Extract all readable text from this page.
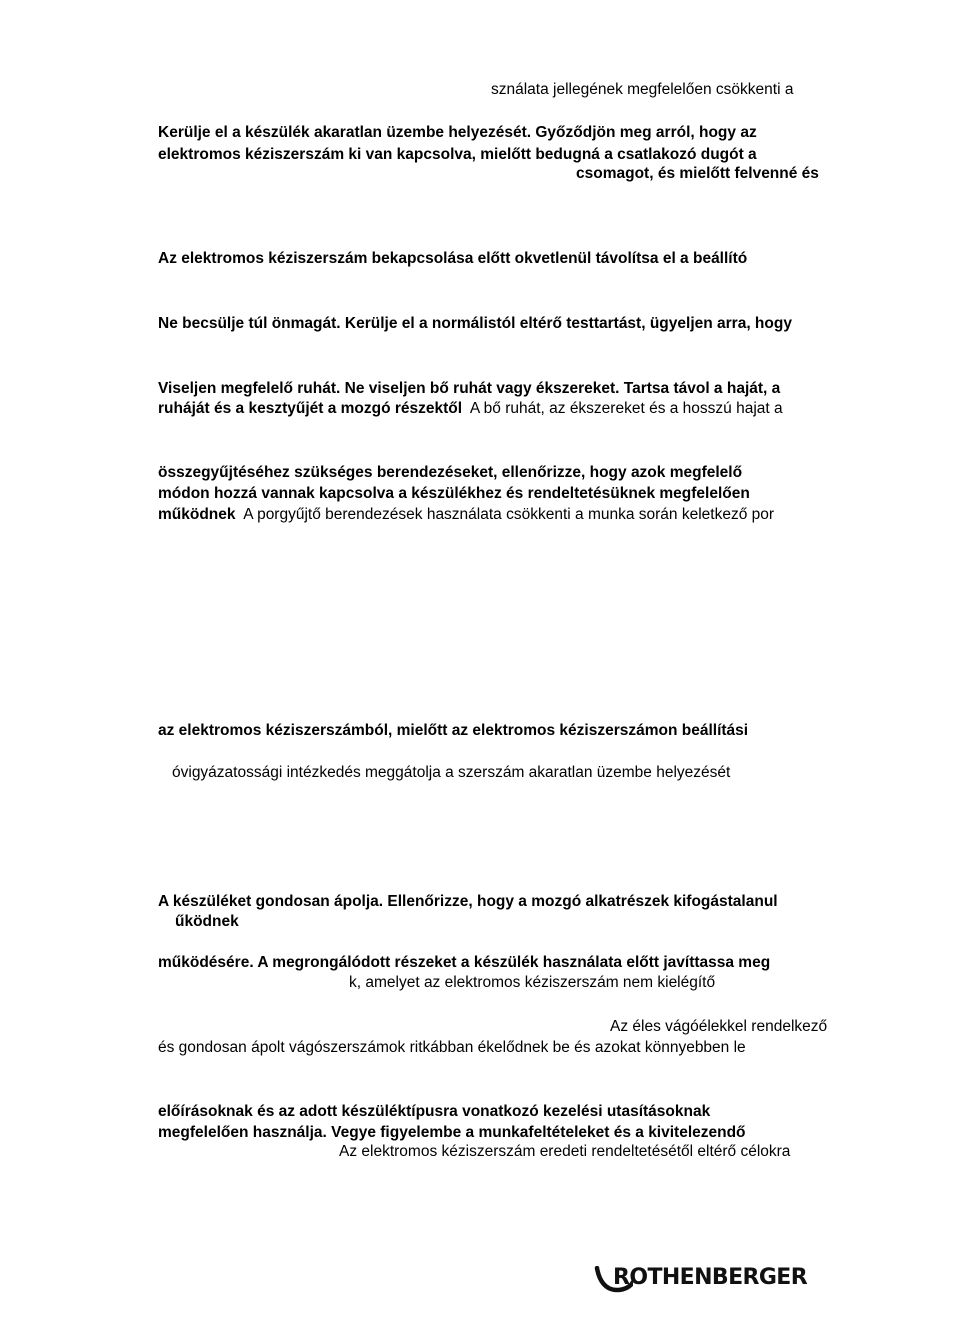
sználata jellegének megfelelően csökkenti a
Kerülje el a készülék akaratlan üzembe helyezését. Győződjön meg arról, hogy az
elektromos kéziszerszám ki van kapcsolva, mielőtt bedugná a csatlakozó dugót a
csomagot, és mielőtt felvenné és
Az elektromos kéziszerszám bekapcsolása előtt okvetlenül távolítsa el a beállító
Ne becsülje túl önmagát. Kerülje el a normálistól eltérő testtartást, ügyeljen arra, hogy
Viseljen megfelelő ruhát. Ne viseljen bő ruhát vagy ékszereket. Tartsa távol a haját, a
ruháját és a kesztyűjét a mozgó részektől A bő ruhát, az ékszereket és a hosszú hajat a
összegyűjtéséhez szükséges berendezéseket, ellenőrizze, hogy azok megfelelő
módon hozzá vannak kapcsolva a készülékhez és rendeltetésüknek megfelelően
működnek A porgyűjtő berendezések használata csökkenti a munka során keletkező por
az elektromos kéziszerszámból, mielőtt az elektromos kéziszerszámon beállítási
óvigyázatossági intézkedés meggátolja a szerszám akaratlan üzembe helyezését
A készüléket gondosan ápolja. Ellenőrizze, hogy a mozgó alkatrészek kifogástalanul
űködnek
működésére. A megrongálódott részeket a készülék használata előtt javíttassa meg
k, amelyet az elektromos kéziszerszám nem kielégítő
Az éles vágóélekkel rendelkező
és gondosan ápolt vágószerszámok ritkábban ékelődnek be és azokat könnyebben le
előírásoknak és az adott készüléktípusra vonatkozó kezelési utasításoknak
megfelelően használja. Vegye figyelembe a munkafeltételeket és a kivitelezendő
Az elektromos kéziszerszám eredeti rendeltetésétől eltérő célokra
ROTHENBERGER
